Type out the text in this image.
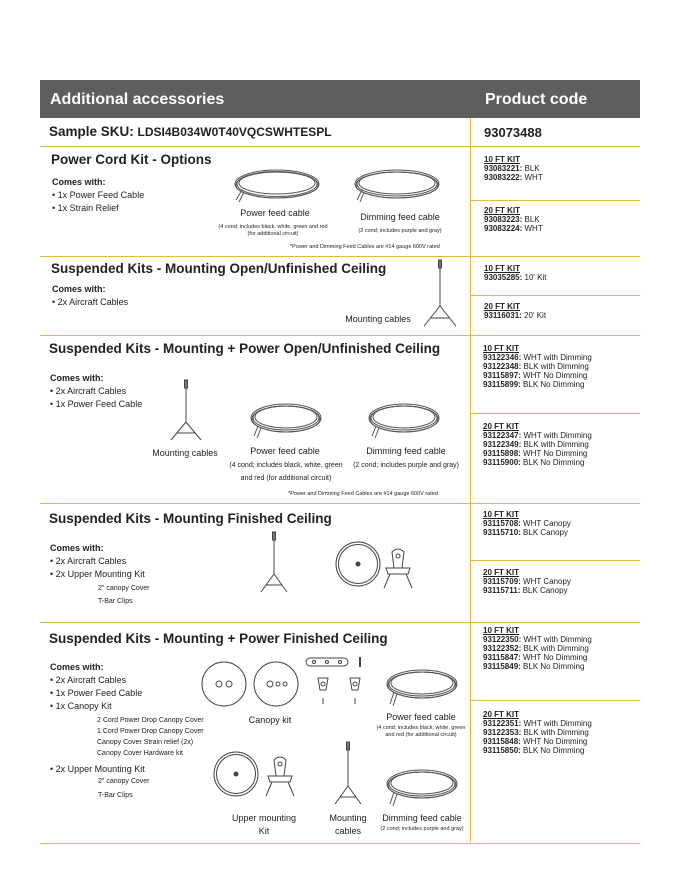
Additional accessories	Product code
Sample SKU: LDSI4B034W0T40VQCSWHTESPL	93073488
Power Cord Kit - Options
Comes with:
• 1x Power Feed Cable
• 1x Strain Relief	Power feed cable
(4 cond; includes black, white, green and red
(for additional circuit)
Dimming feed cable
(2 cond; includes purple and gray)
*Power and Dimming Feed Cables are #14 gauge 600V rated
10 FT KIT
93083221: BLK
93083222: WHT
20 FT KIT
93083223: BLK
93083224: WHT
Suspended Kits - Mounting Open/Unfinished Ceiling
Comes with:
• 2x Aircraft Cables
Mounting cables
10 FT KIT
93035285: 10' Kit
20 FT KIT
93116031: 20' Kit
Suspended Kits - Mounting + Power Open/Unfinished Ceiling
Comes with:
• 2x Aircraft Cables
• 1x Power Feed Cable
Mounting cables	Power feed cable
(4 cond; includes black, white, green
and red (for additional circuit)
Dimming feed cable
(2 cond; includes purple and gray)
*Power and Dimming Feed Cables are #14 gauge 600V rated
10 FT KIT
93122346: WHT with Dimming
93122348: BLK with Dimming
93115897: WHT No Dimming
93115899: BLK No Dimming
20 FT KIT
93122347: WHT with Dimming
93122349: BLK with Dimming
93115898: WHT No Dimming
93115900: BLK No Dimming
Suspended Kits - Mounting Finished Ceiling
Comes with:
• 2x Aircraft Cables
• 2x Upper Mounting Kit
2" canopy Cover
T-Bar Clips
10 FT KIT
93115708: WHT Canopy
93115710: BLK Canopy
20 FT KIT
93115709: WHT Canopy
93115711: BLK Canopy
Suspended Kits - Mounting + Power Finished Ceiling
Comes with:
• 2x Aircraft Cables
• 1x Power Feed Cable
• 1x Canopy Kit
2 Cord Power Drop Canopy Cover
1 Cord Power Drop Canopy Cover
Canopy Cover Strain relief (2x)
Canopy Cover Hardware kit
• 2x Upper Mounting Kit
2" canopy Cover
T-Bar Clips
Canopy kit	Power feed cable
(4 cond; includes black, white, green
and red (for additional circuit)
Upper mounting
Kit
Mounting
cables
Dimming feed cable
(2 cond; includes purple and gray)
10 FT KIT
93122350: WHT with Dimming
93122352: BLK with Dimming
93115847: WHT No Dimming
93115849: BLK No Dimming
20 FT KIT
93122351: WHT with Dimming
93122353: BLK with Dimming
93115848: WHT No Dimming
93115850: BLK No Dimming
